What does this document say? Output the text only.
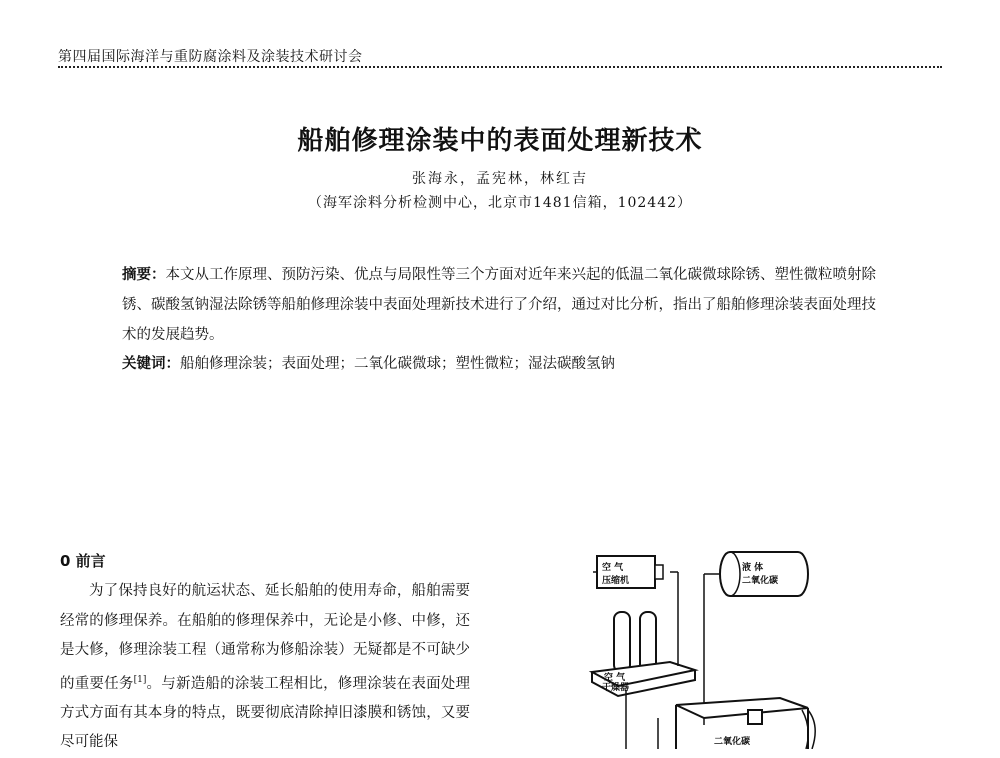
第四届国际海洋与重防腐涂料及涂装技术研讨会
船舶修理涂装中的表面处理新技术
张海永，孟宪林，林红吉
（海军涂料分析检测中心，北京市1481信箱，102442）
摘要：本文从工作原理、预防污染、优点与局限性等三个方面对近年来兴起的低温二氧化碳微球除锈、塑性微粒喷射除锈、碳酸氢钠湿法除锈等船舶修理涂装中表面处理新技术进行了介绍，通过对比分析，指出了船舶修理涂装表面处理技术的发展趋势。
关键词：船舶修理涂装；表面处理；二氧化碳微球；塑性微粒；湿法碳酸氢钠
0 前言

为了保持良好的航运状态、延长船舶的使用寿命，船舶需要经常的修理保养。在船舶的修理保养中，无论是小修、中修，还是大修，修理涂装工程（通常称为修船涂装）无疑都是不可缺少的重要任务[1]。与新造船的涂装工程相比，修理涂装在表面处理方式方面有其本身的特点，既要彻底清除掉旧漆膜和锈蚀，又要尽可能保

空 气
压缩机
液 体
二氧化碳
空 气
干燥器
二氧化碳
